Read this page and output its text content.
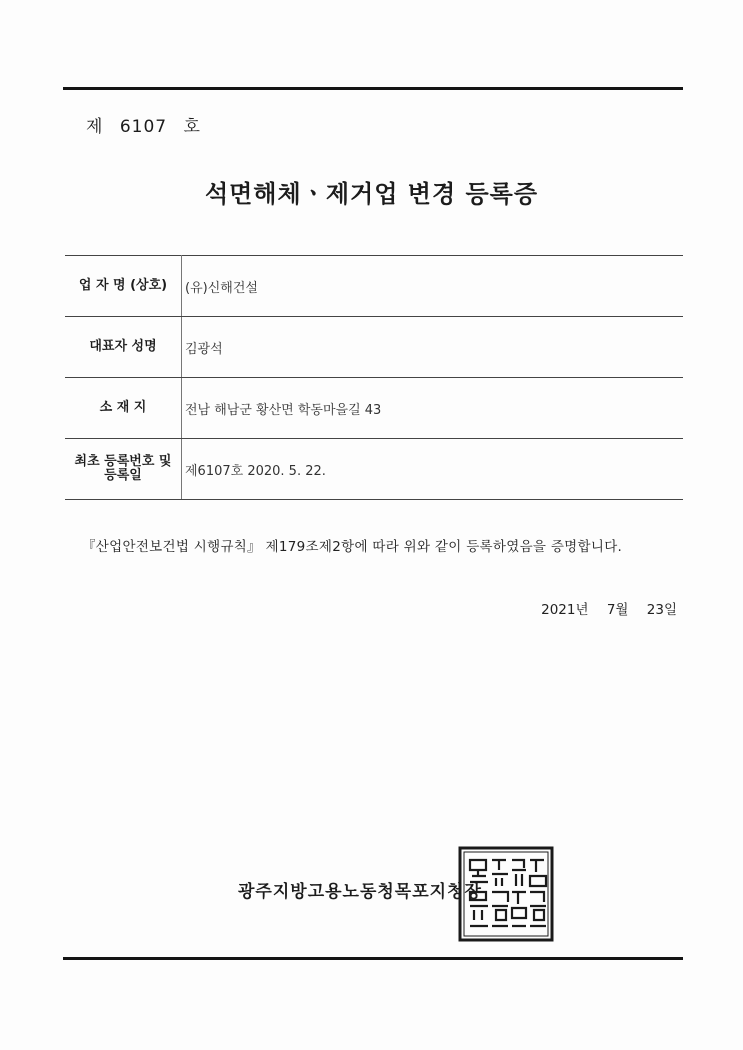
제 6107 호
석면해체ㆍ제거업 변경 등록증
업 자 명 (상호)	(유)신해건설
대표자 성명	김광석
소 재 지	전남 해남군 황산면 학동마을길 43

최초 등록번호 및
등록일	제6107호 2020. 5. 22.
『산업안전보건법 시행규칙』 제179조제2항에 따라 위와 같이 등록하였음을 증명합니다.
2021년 7월 23일
광주지방고용노동청목포지청장
